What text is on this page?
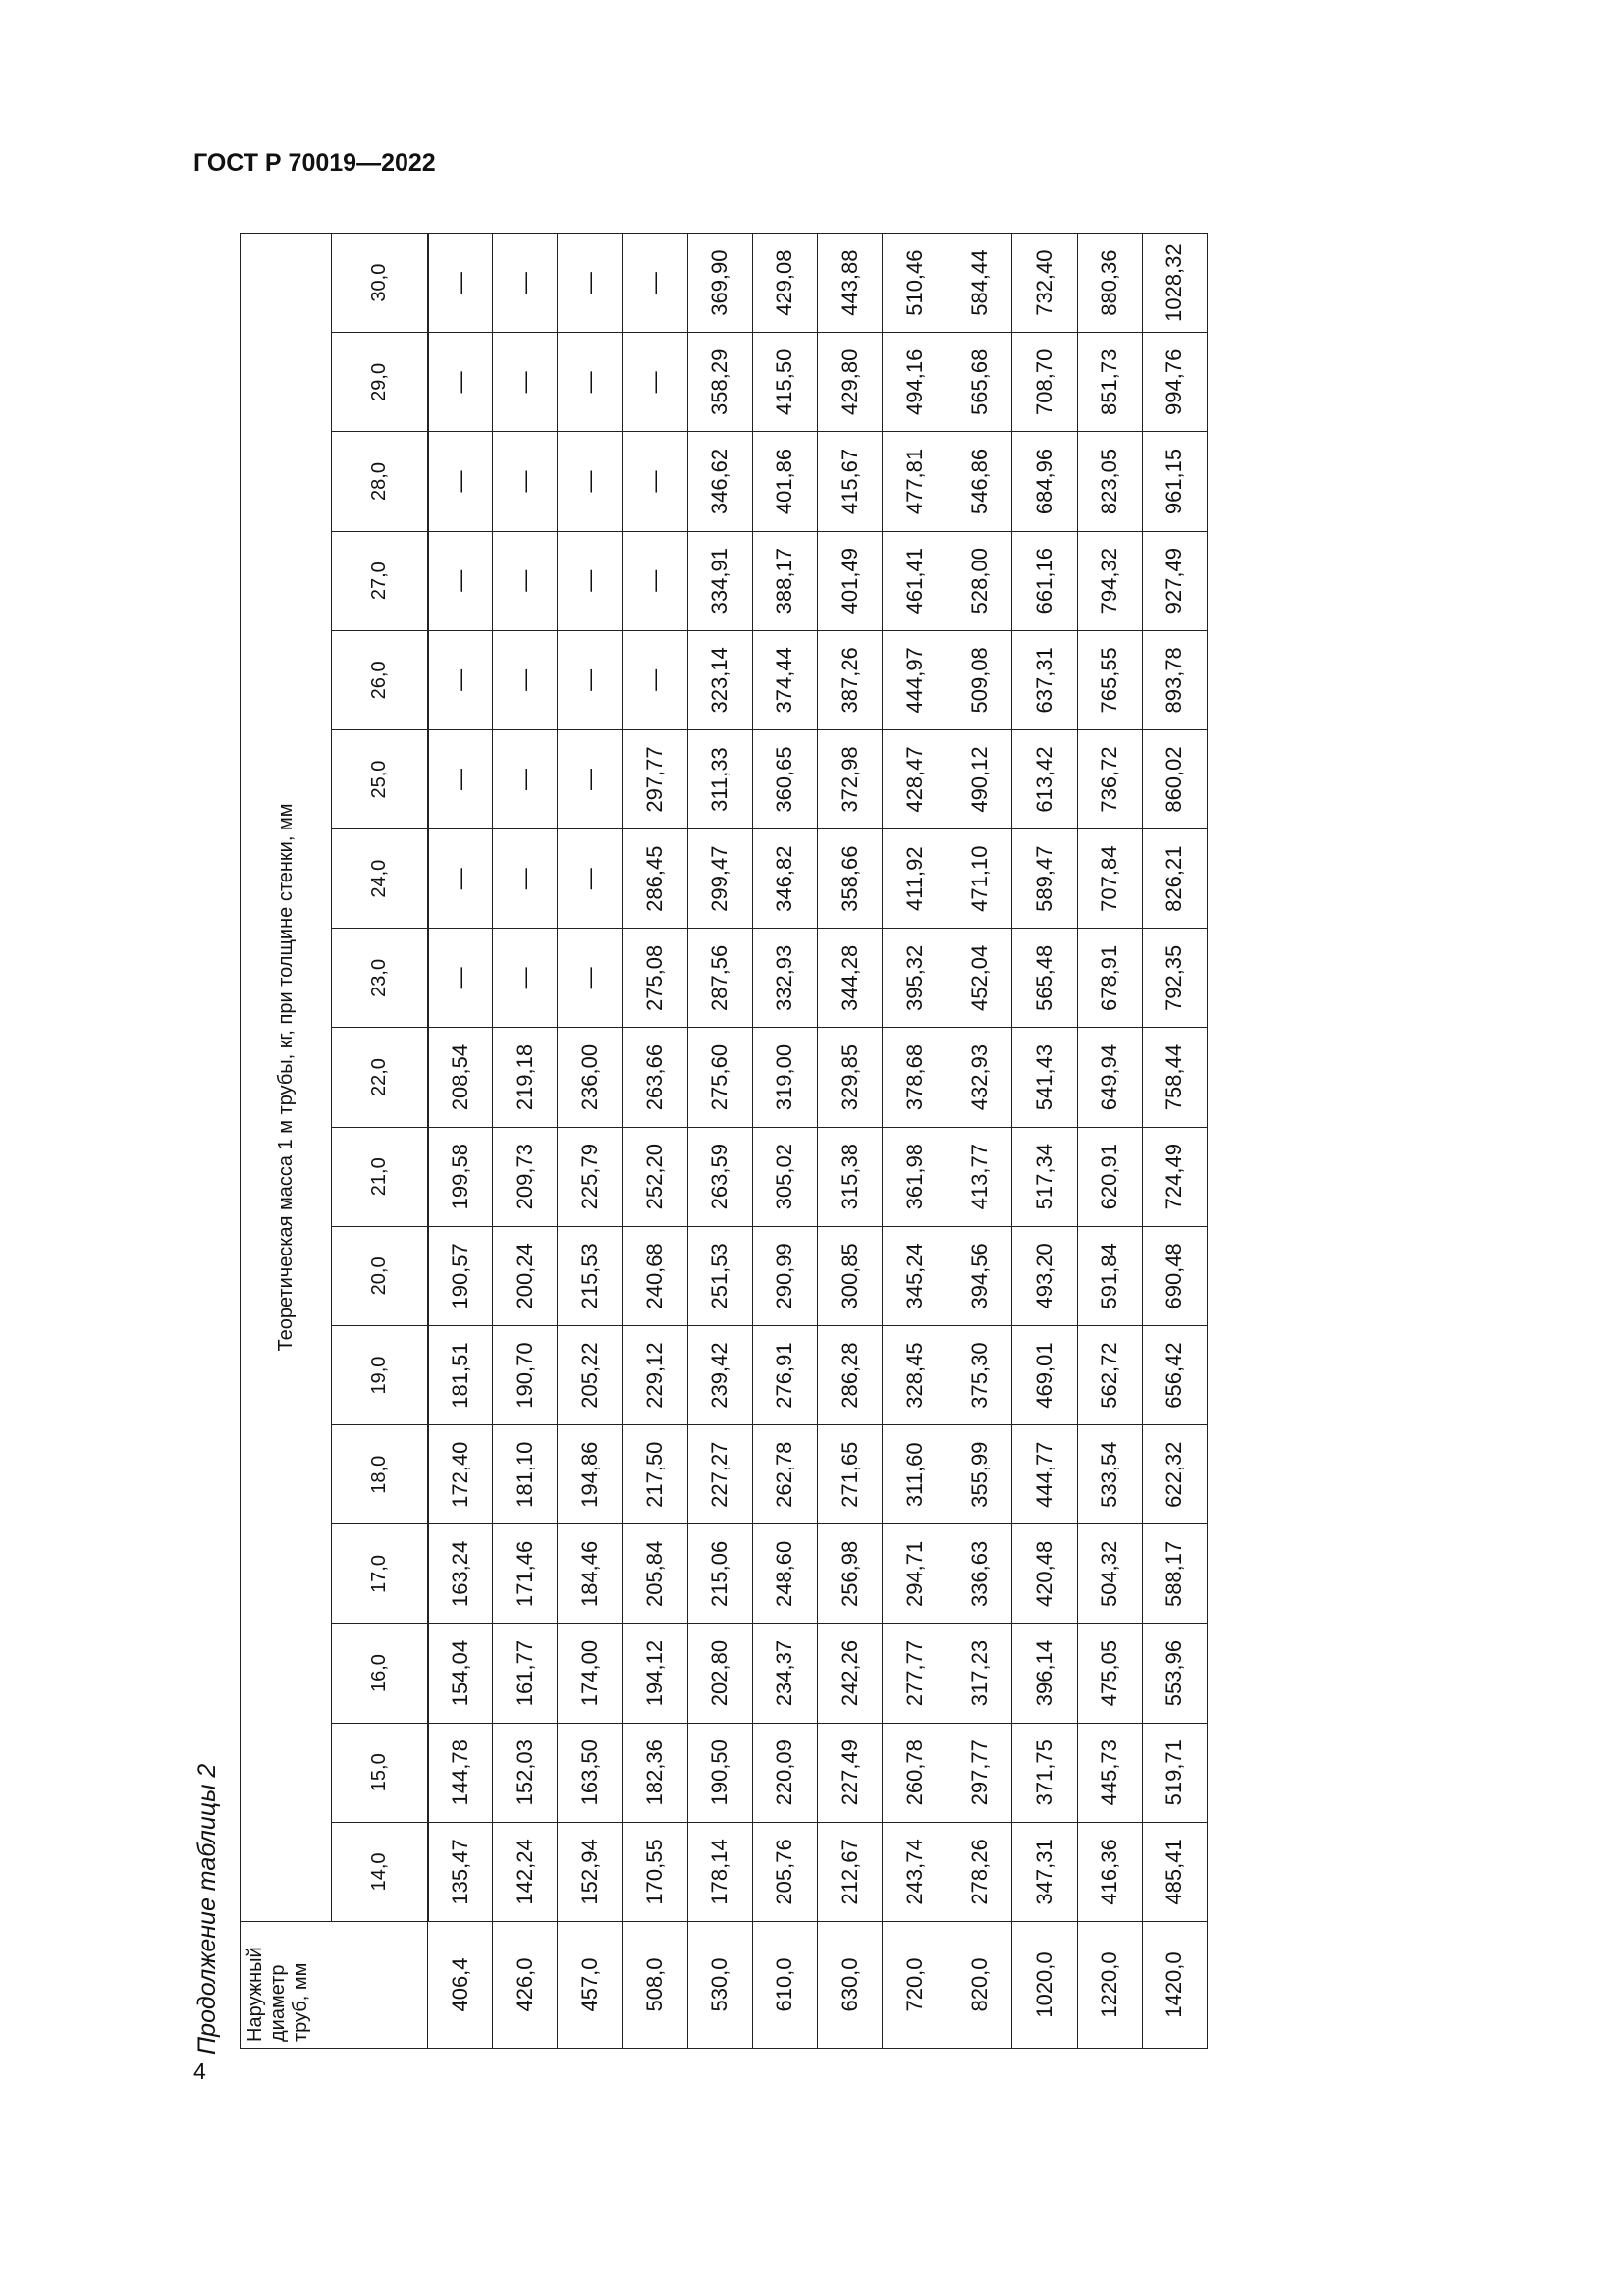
ГОСТ Р 70019—2022
Продолжение таблицы 2
4
Наружный диаметр труб, мм	Теоретическая масса 1 м трубы, кг, при толщине стенки, мм																
	14,0	15,0	16,0	17,0	18,0	19,0	20,0	21,0	22,0	23,0	24,0	25,0	26,0	27,0	28,0	29,0	30,0
406,4	135,47	144,78	154,04	163,24	172,40	181,51	190,57	199,58	208,54	—	—	—	—	—	—	—	—
426,0	142,24	152,03	161,77	171,46	181,10	190,70	200,24	209,73	219,18	—	—	—	—	—	—	—	—
457,0	152,94	163,50	174,00	184,46	194,86	205,22	215,53	225,79	236,00	—	—	—	—	—	—	—	—
508,0	170,55	182,36	194,12	205,84	217,50	229,12	240,68	252,20	263,66	275,08	286,45	297,77	—	—	—	—	—
530,0	178,14	190,50	202,80	215,06	227,27	239,42	251,53	263,59	275,60	287,56	299,47	311,33	323,14	334,91	346,62	358,29	369,90
610,0	205,76	220,09	234,37	248,60	262,78	276,91	290,99	305,02	319,00	332,93	346,82	360,65	374,44	388,17	401,86	415,50	429,08
630,0	212,67	227,49	242,26	256,98	271,65	286,28	300,85	315,38	329,85	344,28	358,66	372,98	387,26	401,49	415,67	429,80	443,88
720,0	243,74	260,78	277,77	294,71	311,60	328,45	345,24	361,98	378,68	395,32	411,92	428,47	444,97	461,41	477,81	494,16	510,46
820,0	278,26	297,77	317,23	336,63	355,99	375,30	394,56	413,77	432,93	452,04	471,10	490,12	509,08	528,00	546,86	565,68	584,44
1020,0	347,31	371,75	396,14	420,48	444,77	469,01	493,20	517,34	541,43	565,48	589,47	613,42	637,31	661,16	684,96	708,70	732,40
1220,0	416,36	445,73	475,05	504,32	533,54	562,72	591,84	620,91	649,94	678,91	707,84	736,72	765,55	794,32	823,05	851,73	880,36
1420,0	485,41	519,71	553,96	588,17	622,32	656,42	690,48	724,49	758,44	792,35	826,21	860,02	893,78	927,49	961,15	994,76	1028,32
